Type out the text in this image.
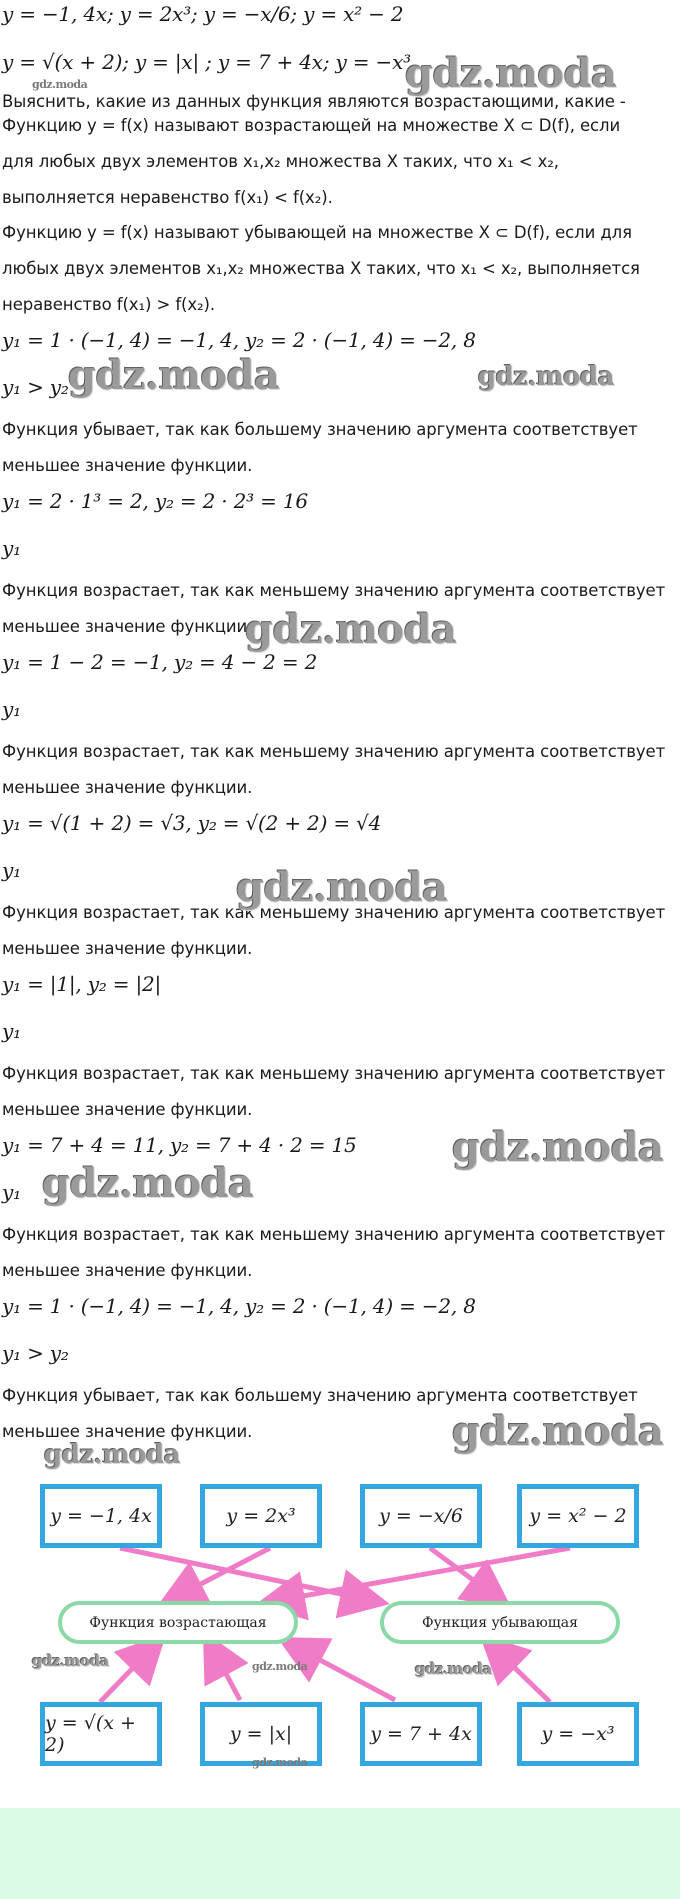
y = −1, 4x; y = 2x³; y = −x/6; y = x² − 2
y = √(x + 2); y = |x| ; y = 7 + 4x; y = −x³
Выяснить, какие из данных функция являются возрастающими, какие -
Функцию y = f(x) называют возрастающей на множестве X ⊂ D(f), если
для любых двух элементов x₁,x₂ множества X таких, что x₁ < x₂,
выполняется неравенство f(x₁) < f(x₂).
Функцию y = f(x) называют убывающей на множестве X ⊂ D(f), если для
любых двух элементов x₁,x₂ множества X таких, что x₁ < x₂, выполняется
неравенство f(x₁) > f(x₂).
y₁ = 1 · (−1, 4) = −1, 4, y₂ = 2 · (−1, 4) = −2, 8
y₁ > y₂
Функция убывает, так как большему значению аргумента соответствует
меньшее значение функции.
y₁ = 2 · 1³ = 2, y₂ = 2 · 2³ = 16
y₁
Функция возрастает, так как меньшему значению аргумента соответствует
меньшее значение функции.
y₁ = 1 − 2 = −1, y₂ = 4 − 2 = 2
y₁
Функция возрастает, так как меньшему значению аргумента соответствует
меньшее значение функции.
y₁ = √(1 + 2) = √3, y₂ = √(2 + 2) = √4
y₁
Функция возрастает, так как меньшему значению аргумента соответствует
меньшее значение функции.
y₁ = |1|, y₂ = |2|
y₁
Функция возрастает, так как меньшему значению аргумента соответствует
меньшее значение функции.
y₁ = 7 + 4 = 11, y₂ = 7 + 4 · 2 = 15
y₁
Функция возрастает, так как меньшему значению аргумента соответствует
меньшее значение функции.
y₁ = 1 · (−1, 4) = −1, 4, y₂ = 2 · (−1, 4) = −2, 8
y₁ > y₂
Функция убывает, так как большему значению аргумента соответствует
меньшее значение функции.
gdz.moda
gdz.moda
gdz.moda	gdz.moda
gdz.moda
gdz.moda
gdz.moda
gdz.moda
gdz.moda
gdz.moda
y = −1, 4x	y = 2x³	y = −x/6	y = x² − 2
Функция возрастающая	Функция убывающая
y = √(x + 2)	y = |x|	y = 7 + 4x	y = −x³
gdz.moda	gdz.moda	gdz.moda
gdz.moda
